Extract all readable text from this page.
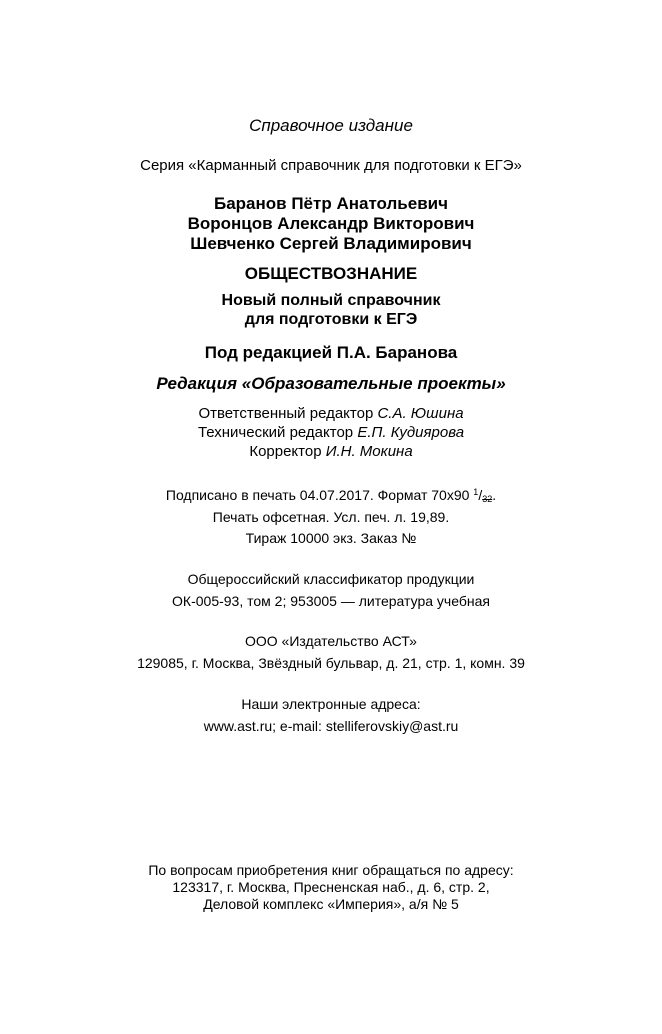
Справочное издание
Серия «Карманный справочник для подготовки к ЕГЭ»
Баранов Пётр Анатольевич
Воронцов Александр Викторович
Шевченко Сергей Владимирович
ОБЩЕСТВОЗНАНИЕ
Новый полный справочник
для подготовки к ЕГЭ
Под редакцией П.А. Баранова
Редакция «Образовательные проекты»
Ответственный редактор С.А. Юшина
Технический редактор Е.П. Кудиярова
Корректор И.Н. Мокина
Подписано в печать 04.07.2017. Формат 70х90 $^1/_{32}$.
Печать офсетная. Усл. печ. л. 19,89.
Тираж 10000 экз. Заказ №
Общероссийский классификатор продукции
ОК-005-93, том 2; 953005 — литература учебная
ООО «Издательство АСТ»
129085, г. Москва, Звёздный бульвар, д. 21, стр. 1, комн. 39
Наши электронные адреса:
www.ast.ru; e-mail: stelliferovskiy@ast.ru
По вопросам приобретения книг обращаться по адресу:
123317, г. Москва, Пресненская наб., д. 6, стр. 2,
Деловой комплекс «Империя», а/я № 5
